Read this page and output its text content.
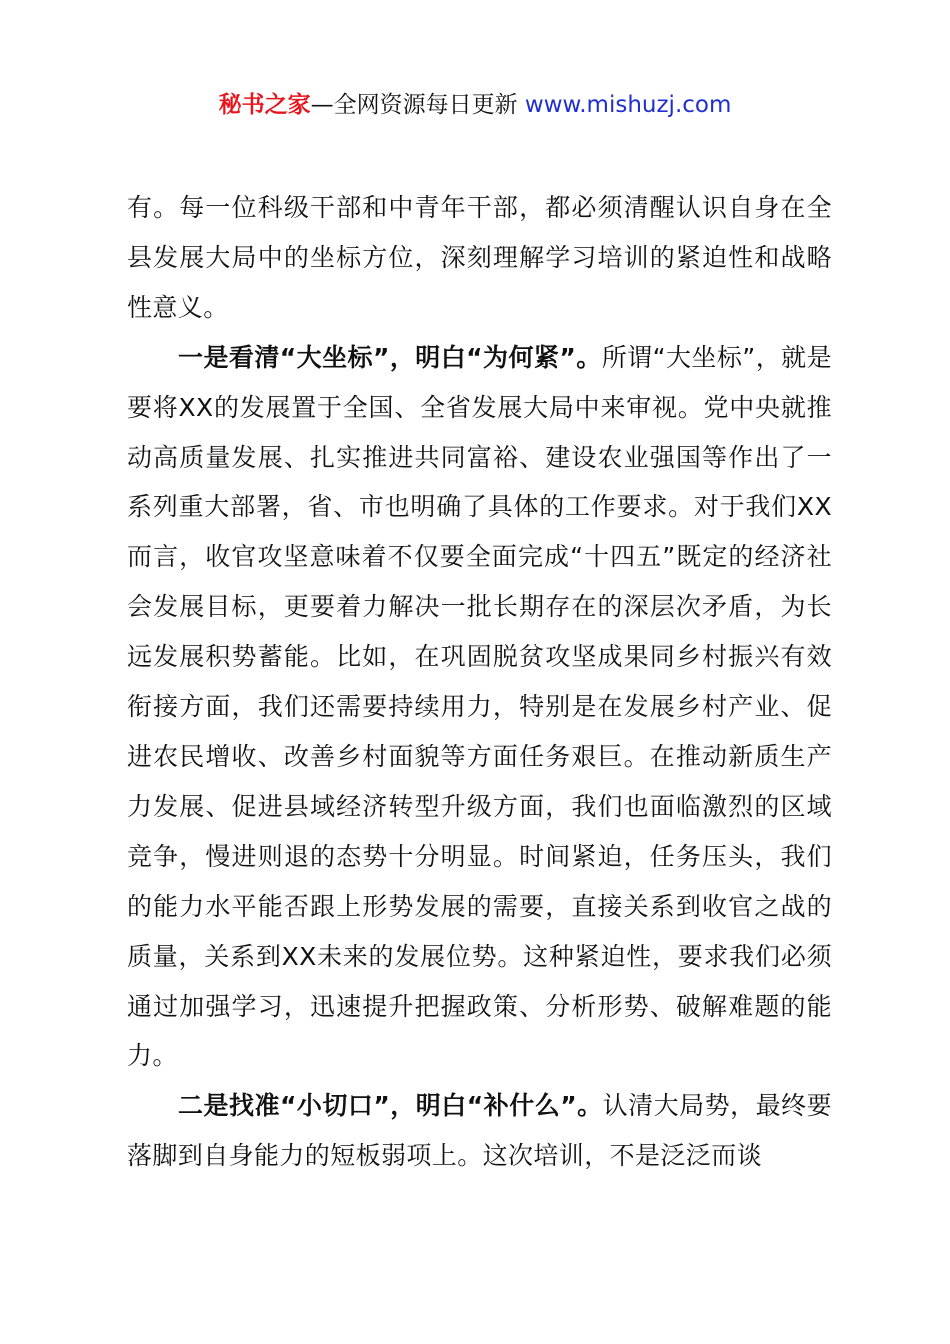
秘书之家—全网资源每日更新 www.mishuzj.com

有。每一位科级干部和中青年干部，都必须清醒认识自身在全县发展大局中的坐标方位，深刻理解学习培训的紧迫性和战略性意义。

一是看清“大坐标”，明白“为何紧”。所谓“大坐标”，就是要将XX的发展置于全国、全省发展大局中来审视。党中央就推动高质量发展、扎实推进共同富裕、建设农业强国等作出了一系列重大部署，省、市也明确了具体的工作要求。对于我们XX而言，收官攻坚意味着不仅要全面完成“十四五”既定的经济社会发展目标，更要着力解决一批长期存在的深层次矛盾，为长远发展积势蓄能。比如，在巩固脱贫攻坚成果同乡村振兴有效衔接方面，我们还需要持续用力，特别是在发展乡村产业、促进农民增收、改善乡村面貌等方面任务艰巨。在推动新质生产力发展、促进县域经济转型升级方面，我们也面临激烈的区域竞争，慢进则退的态势十分明显。时间紧迫，任务压头，我们的能力水平能否跟上形势发展的需要，直接关系到收官之战的质量，关系到XX未来的发展位势。这种紧迫性，要求我们必须通过加强学习，迅速提升把握政策、分析形势、破解难题的能力。

二是找准“小切口”，明白“补什么”。认清大局势，最终要落脚到自身能力的短板弱项上。这次培训，不是泛泛而谈
